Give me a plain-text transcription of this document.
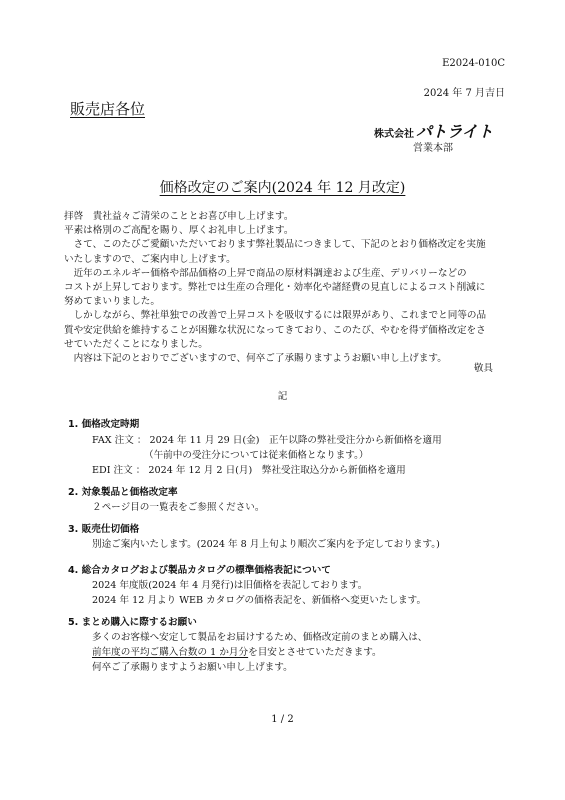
E2024-010C
2024 年 7 月吉日
販売店各位
株式会社 パトライト
営業本部
価格改定のご案内(2024 年 12 月改定)
拝啓　貴社益々ご清栄のこととお喜び申し上げます。
平素は格別のご高配を賜り、厚くお礼申し上げます。
　さて、このたびご愛顧いただいております弊社製品につきまして、下記のとおり価格改定を実施
いたしますので、ご案内申し上げます。
　近年のエネルギー価格や部品価格の上昇で商品の原材料調達および生産、デリバリーなどの
コストが上昇しております。弊社では生産の合理化・効率化や諸経費の見直しによるコスト削減に
努めてまいりました。
　しかしながら、弊社単独での改善で上昇コストを吸収するには限界があり、これまでと同等の品
質や安定供給を維持することが困難な状況になってきており、このたび、やむを得ず価格改定をさ
せていただくことになりました。
　内容は下記のとおりでございますので、何卒ご了承賜りますようお願い申し上げます。
敬具
記
1. 価格改定時期
FAX 注文 ： 2024 年 11 月 29 日(金)　正午以降の弊社受注分から新価格を適用
（午前中の受注分については従来価格となります。）
EDI 注文 ： 2024 年 12 月 2 日(月)　弊社受注取込分から新価格を適用
2. 対象製品と価格改定率
２ページ目の一覧表をご参照ください。
3. 販売仕切価格
別途ご案内いたします。(2024 年 8 月上旬より順次ご案内を予定しております。)
4. 総合カタログおよび製品カタログの標準価格表記について
2024 年度版(2024 年 4 月発行)は旧価格を表記しております。
2024 年 12 月より WEB カタログの価格表記を、新価格へ変更いたします。
5. まとめ購入に際するお願い
多くのお客様へ安定して製品をお届けするため、価格改定前のまとめ購入は、
前年度の平均ご購入台数の 1 か月分を目安とさせていただきます。
何卒ご了承賜りますようお願い申し上げます。
1 / 2
